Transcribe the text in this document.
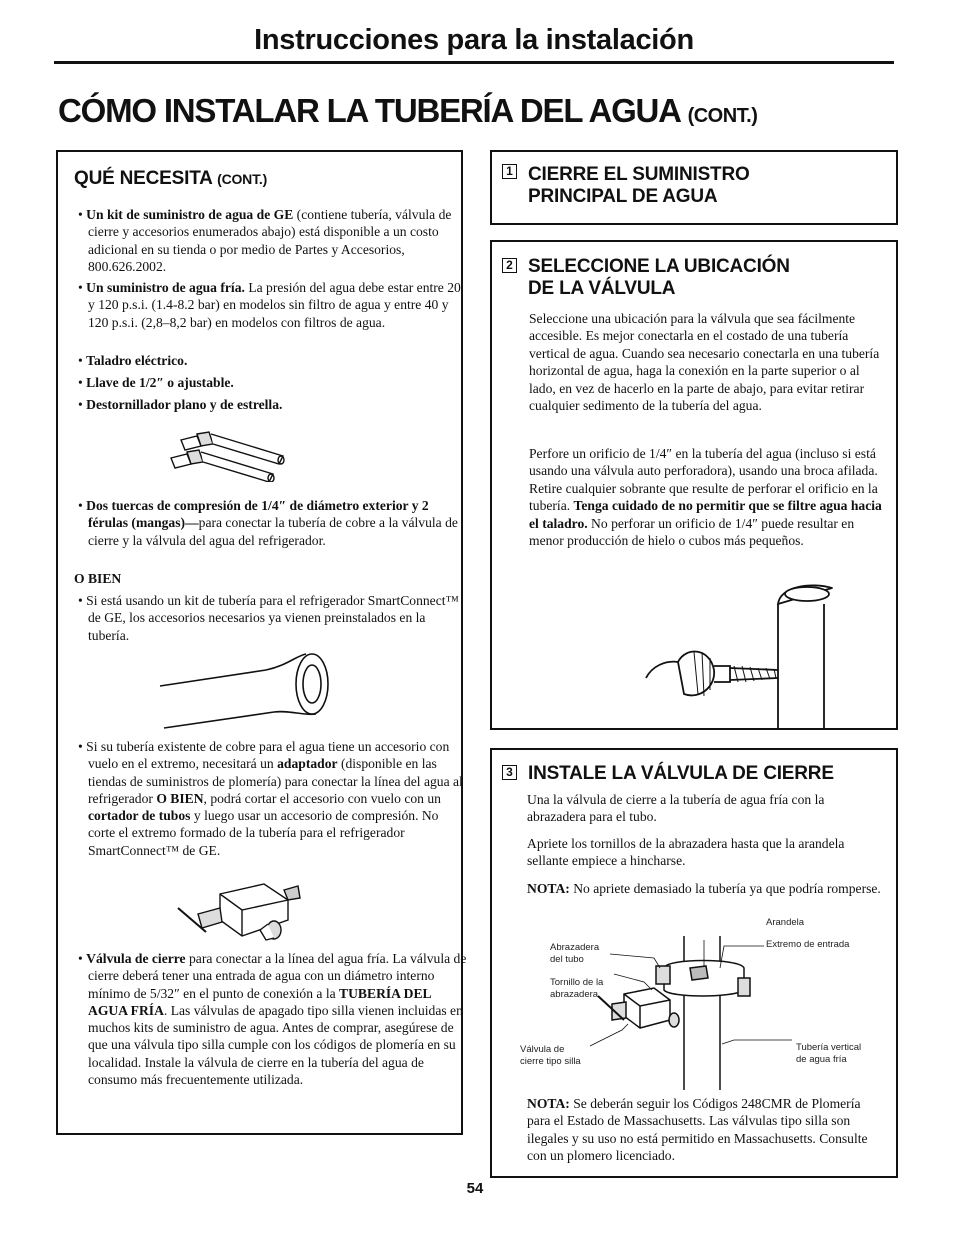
Instrucciones para la instalación
CÓMO INSTALAR LA TUBERÍA DEL AGUA (CONT.)
QUÉ NECESITA (CONT.)
• Un kit de suministro de agua de GE (contiene tubería, válvula de cierre y accesorios enumerados abajo) está disponible a un costo adicional en su tienda o por medio de Partes y Accesorios, 800.626.2002.
• Un suministro de agua fría. La presión del agua debe estar entre 20 y 120 p.s.i. (1.4-8.2 bar) en modelos sin filtro de agua y entre 40 y 120 p.s.i. (2,8–8,2 bar) en modelos con filtros de agua.
• Taladro eléctrico.
• Llave de 1/2″ o ajustable.
• Destornillador plano y de estrella.
• Dos tuercas de compresión de 1/4″ de diámetro exterior y 2 férulas (mangas)—para conectar la tubería de cobre a la válvula de cierre y la válvula del agua del refrigerador.
O BIEN
• Si está usando un kit de tubería para el refrigerador SmartConnect™ de GE, los accesorios necesarios ya vienen preinstalados en la tubería.
• Si su tubería existente de cobre para el agua tiene un accesorio con vuelo en el extremo, necesitará un adaptador (disponible en las tiendas de suministros de plomería) para conectar la línea del agua al refrigerador O BIEN, podrá cortar el accesorio con vuelo con un cortador de tubos y luego usar un accesorio de compresión. No corte el extremo formado de la tubería para el refrigerador SmartConnect™ de GE.
• Válvula de cierre para conectar a la línea del agua fría. La válvula de cierre deberá tener una entrada de agua con un diámetro interno mínimo de 5/32″ en el punto de conexión a la TUBERÍA DEL AGUA FRÍA. Las válvulas de apagado tipo silla vienen incluidas en muchos kits de suministro de agua. Antes de comprar, asegúrese de que una válvula tipo silla cumple con los códigos de plomería en su localidad. Instale la válvula de cierre en la tubería del agua de consumo más frecuentemente utilizada.
1 CIERRE EL SUMINISTRO
PRINCIPAL DE AGUA
2 SELECCIONE LA UBICACIÓN
DE LA VÁLVULA

Seleccione una ubicación para la válvula que sea fácilmente accesible. Es mejor conectarla en el costado de una tubería vertical de agua. Cuando sea necesario conectarla en una tubería horizontal de agua, haga la conexión en la parte superior o al lado, en vez de hacerlo en la parte de abajo, para evitar retirar cualquier sedimento de la tubería del agua.

Perfore un orificio de 1/4″ en la tubería del agua (incluso si está usando una válvula auto perforadora), usando una broca afilada. Retire cualquier sobrante que resulte de perforar el orificio en la tubería. Tenga cuidado de no permitir que se filtre agua hacia el taladro. No perforar un orificio de 1/4″ puede resultar en menor producción de hielo o cubos más pequeños.

3 INSTALE LA VÁLVULA DE CIERRE

Una la válvula de cierre a la tubería de agua fría con la abrazadera para el tubo.

Apriete los tornillos de la abrazadera hasta que la arandela sellante empiece a hincharse.

NOTA: No apriete demasiado la tubería ya que podría romperse.

Arandela
Extremo de entrada
Abrazadera
del tubo
Tornillo de la
abrazadera
Válvula de
cierre tipo silla
Tubería vertical
de agua fría

NOTA: Se deberán seguir los Códigos 248CMR de Plomería para el Estado de Massachusetts. Las válvulas tipo silla son ilegales y su uso no está permitido en Massachusetts. Consulte con un plomero licenciado.

54
